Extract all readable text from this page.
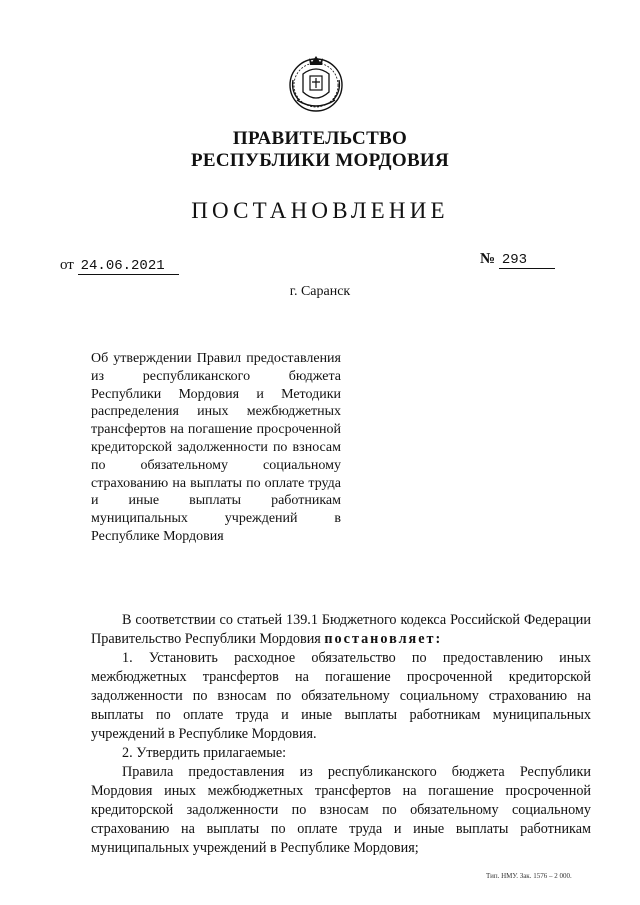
ПРАВИТЕЛЬСТВО
РЕСПУБЛИКИ МОРДОВИЯ
ПОСТАНОВЛЕНИЕ
от 24.06.2021	№ 293
г. Саранск
Об утверждении Правил предоставления из республиканского бюджета Республики Мордовия и Методики распределения иных межбюджетных трансфертов на погашение просроченной кредиторской задолженности по взносам по обязательному социальному страхованию на выплаты по оплате труда и иные выплаты работникам муниципальных учреждений в Республике Мордовия

В соответствии со статьей 139.1 Бюджетного кодекса Российской Федерации Правительство Республики Мордовия постановляет:

1. Установить расходное обязательство по предоставлению иных межбюджетных трансфертов на погашение просроченной кредиторской задолженности по взносам по обязательному социальному страхованию на выплаты по оплате труда и иные выплаты работникам муниципальных учреждений в Республике Мордовия.

2. Утвердить прилагаемые:

Правила предоставления из республиканского бюджета Республики Мордовия иных межбюджетных трансфертов на погашение просроченной кредиторской задолженности по взносам по обязательному социальному страхованию на выплаты по оплате труда и иные выплаты работникам муниципальных учреждений в Республике Мордовия;

Тип. НМУ. Зак. 1576 – 2 000.
